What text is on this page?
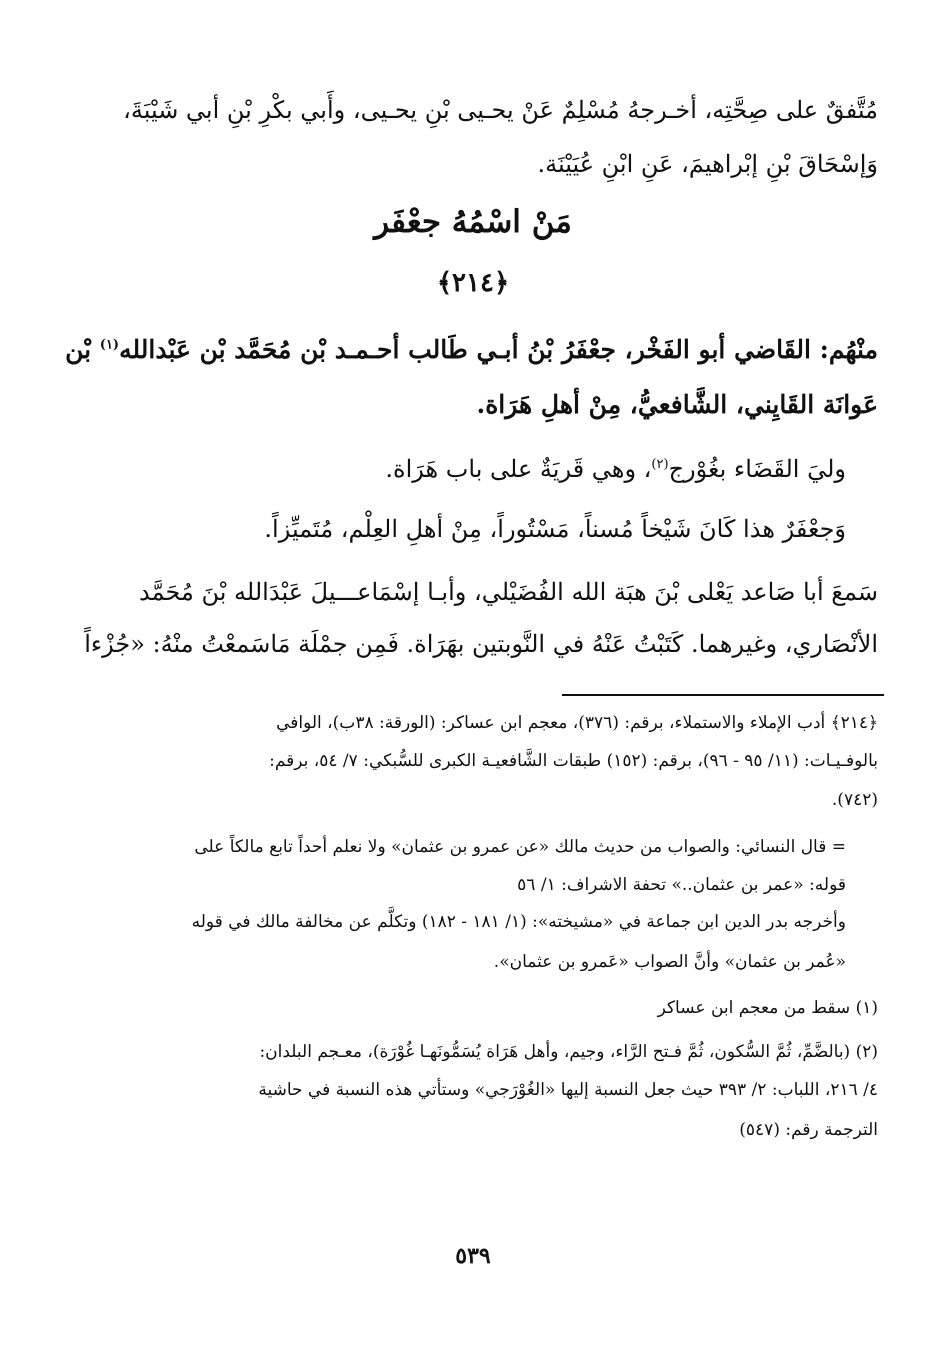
مُتَّفقٌ على صِحَّتِه، أخـرجهُ مُسْلِمٌ عَنْ يحـيى بْنِ يحـيى، وأَبي بكْرِ بْنِ أبي شَيْبَةَ،
وَإسْحَاقَ بْنِ إبْراهيمَ، عَنِ ابْنِ عُيَيْنَة.
مَنْ اسْمُهُ جعْفَر
﴿٢١٤﴾
منْهُم: القَاضي أبو الفَخْر، جعْفَرُ بْنُ أبـي طَالب أحـمـد بْن مُحَمَّد بْن عَبْدالله$^{(١)}$ بْن
عَوانَة القَايِني، الشَّافعيُّ، مِنْ أهلِ هَرَاة.
وليَ القَضَاء بغُوْرج$^{(٢)}$، وهي قَريَةٌ على باب هَرَاة.
وَجعْفَرٌ هذا كَانَ شَيْخاً مُسناً، مَسْتُوراً، مِنْ أهلِ العِلْم، مُتَميِّزاً.
سَمعَ أبا صَاعد يَعْلى بْنَ هبَة الله الفُضَيْلي، وأبـا إسْمَاعـــيلَ عَبْدَالله بْنَ مُحَمَّد
الأنْصَاري، وغيرهما. كَتَبْتُ عَنْهُ في النَّوبتين بهَرَاة. فَمِن جمْلَة مَاسَمعْتُ منْهُ: «جُزْءاً
﴿٢١٤﴾ أدب الإملاء والاستملاء، برقم: (٣٧٦)، معجم ابن عساكر: (الورقة: ٣٨ب)، الوافي
بالوفـيـات: (١١/ ٩٥ - ٩٦)، برقم: (١٥٢) طبقات الشَّافعيـة الكبرى للسُّبكي: ٧/ ٥٤، برقم:
(٧٤٢).
= قال النسائي: والصواب من حديث مالك «عن عمرو بن عثمان» ولا نعلم أحداً تابع مالكاً على
قوله: «عمر بن عثمان..» تحفة الاشراف: ١/ ٥٦
وأخرجه بدر الدين ابن جماعة في «مشيخته»: (١/ ١٨١ - ١٨٢) وتكلَّم عن مخالفة مالك في قوله
«عُمر بن عثمان» وأنَّ الصواب «عَمرو بن عثمان».
(١) سقط من معجم ابن عساكر
(٢) (بالضَّمِّ، ثُمَّ السُّكون، ثُمَّ فـتح الرَّاء، وجيم، وأهل هَرَاة يُسَمُّونَهـا غُوْرَة)، معـجم البلدان:
٤/ ٢١٦، اللباب: ٢/ ٣٩٣ حيث جعل النسبة إليها «الغُوْرَجي» وستأتي هذه النسبة في حاشية
الترجمة رقم: (٥٤٧)
٥٣٩
